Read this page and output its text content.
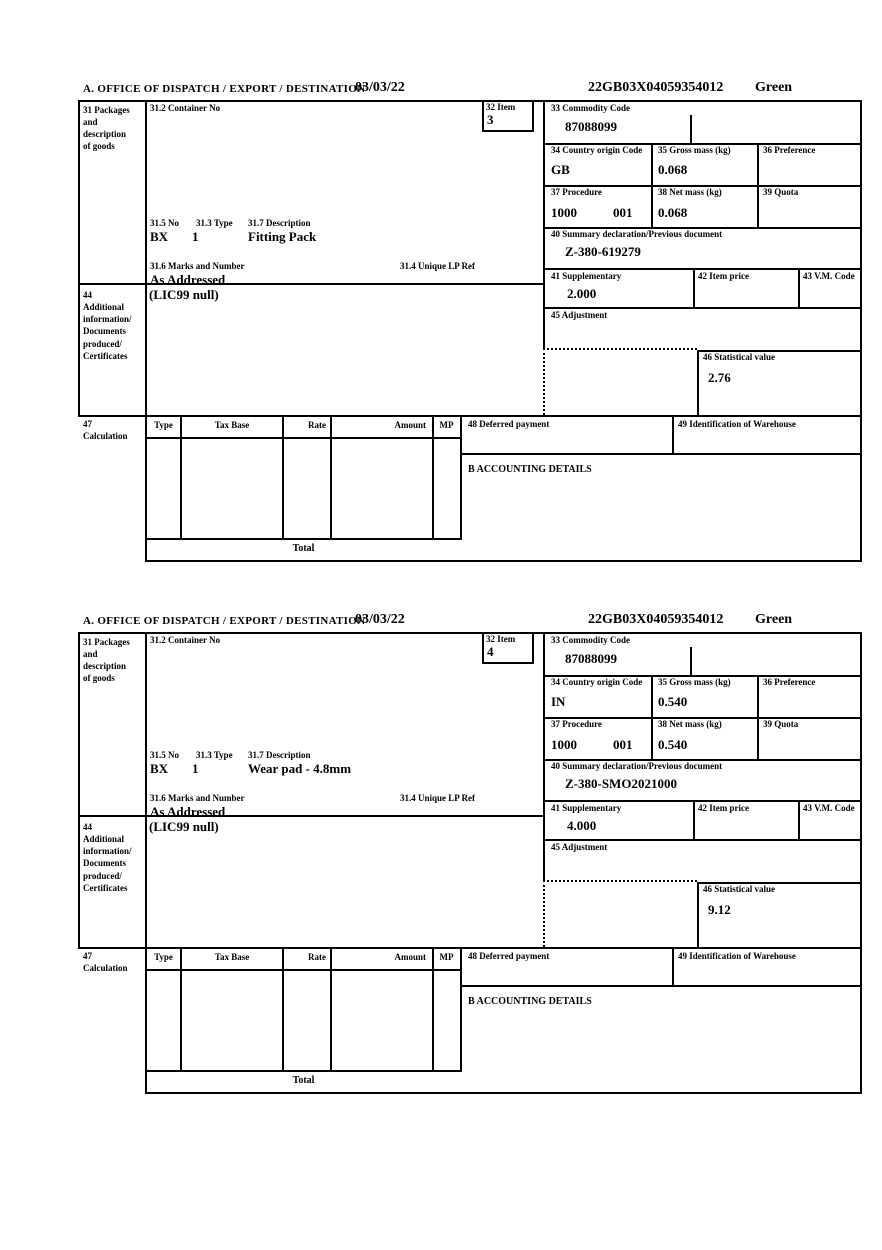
A. OFFICE OF DISPATCH / EXPORT / DESTINATION
03/03/22	22GB03X04059354012 Green
31 Packages
and
description
of goods
44
Additional
information/
Documents
produced/
Certificates
47
Calculation
31.2 Container No	32 Item
3
31.5 No 31.3 Type 31.7 Description
BX 1	Fitting Pack
31.6 Marks and Number	31.4 Unique LP Ref
As Addressed
(LIC99 null)
33 Commodity Code
87088099
34 Country origin Code
GB
35 Gross mass (kg)
0.068
36 Preference
37 Procedure
1000	001
38 Net mass (kg)
0.068
39 Quota
40 Summary declaration/Previous document
Z-380-619279
41 Supplementary
2.000
42 Item price	43 V.M. Code
45 Adjustment
46 Statistical value
2.76
Type	Tax Base	Rate	Amount	MP	48 Deferred payment	49 Identification of Warehouse
B ACCOUNTING DETAILS
Total
A. OFFICE OF DISPATCH / EXPORT / DESTINATION
03/03/22	22GB03X04059354012 Green
31 Packages
and
description
of goods
44
Additional
information/
Documents
produced/
Certificates
47
Calculation
31.2 Container No	32 Item
4
31.5 No 31.3 Type 31.7 Description
BX 1	Wear pad - 4.8mm
31.6 Marks and Number	31.4 Unique LP Ref
As Addressed
(LIC99 null)
33 Commodity Code
87088099
34 Country origin Code
IN
35 Gross mass (kg)
0.540
36 Preference
37 Procedure
1000	001
38 Net mass (kg)
0.540
39 Quota
40 Summary declaration/Previous document
Z-380-SMO2021000
41 Supplementary
4.000
42 Item price	43 V.M. Code
45 Adjustment
46 Statistical value
9.12
Type	Tax Base	Rate	Amount	MP	48 Deferred payment	49 Identification of Warehouse
B ACCOUNTING DETAILS
Total
